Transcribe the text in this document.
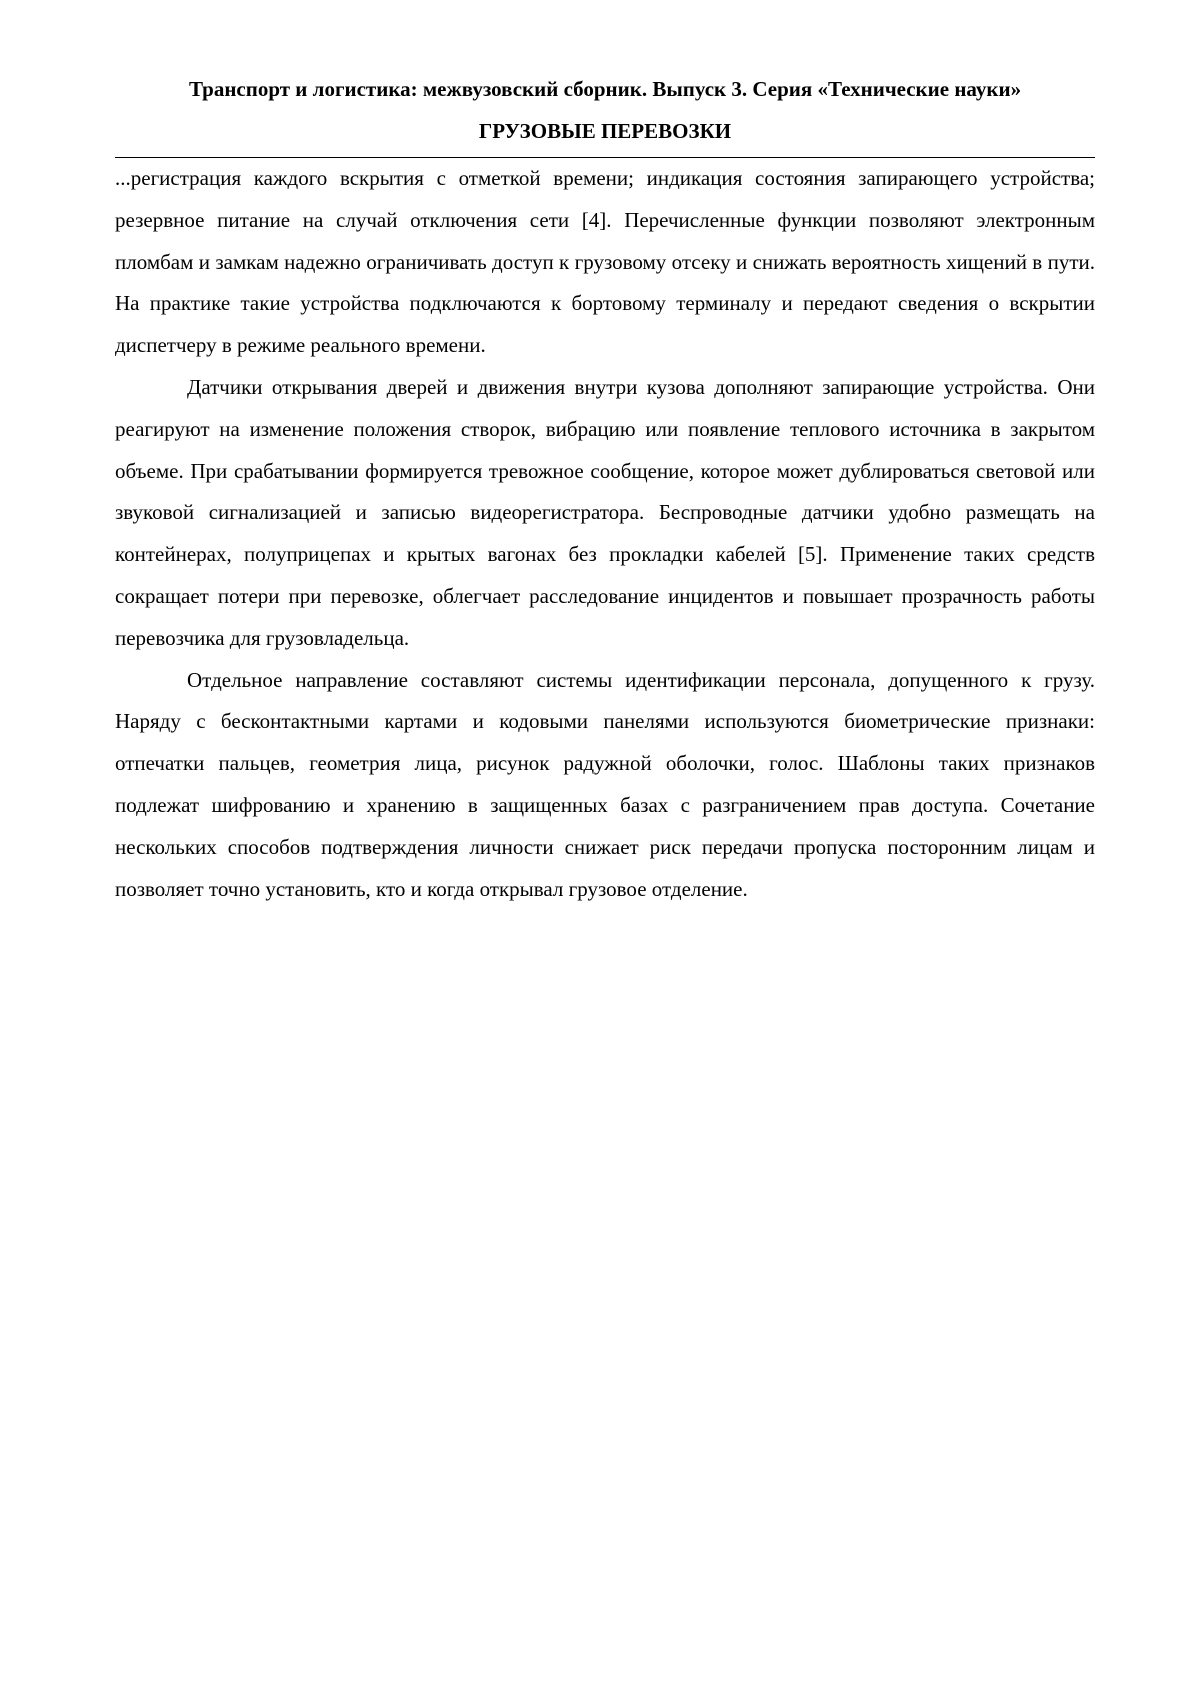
Транспорт и логистика: межвузовский сборник. Выпуск 3. Серия «Технические науки»
ГРУЗОВЫЕ ПЕРЕВОЗКИ

...регистрация каждого вскрытия с отметкой времени; индикация состояния запирающего устройства; резервное питание на случай отключения сети [4]. Перечисленные функции позволяют электронным пломбам и замкам надежно ограничивать доступ к грузовому отсеку и снижать вероятность хищений в пути. На практике такие устройства подключаются к бортовому терминалу и передают сведения о вскрытии диспетчеру в режиме реального времени.

Датчики открывания дверей и движения внутри кузова дополняют запирающие устройства. Они реагируют на изменение положения створок, вибрацию или появление теплового источника в закрытом объеме. При срабатывании формируется тревожное сообщение, которое может дублироваться световой или звуковой сигнализацией и записью видеорегистратора. Беспроводные датчики удобно размещать на контейнерах, полуприцепах и крытых вагонах без прокладки кабелей [5]. Применение таких средств сокращает потери при перевозке, облегчает расследование инцидентов и повышает прозрачность работы перевозчика для грузовладельца.

Отдельное направление составляют системы идентификации персонала, допущенного к грузу. Наряду с бесконтактными картами и кодовыми панелями используются биометрические признаки: отпечатки пальцев, геометрия лица, рисунок радужной оболочки, голос. Шаблоны таких признаков подлежат шифрованию и хранению в защищенных базах с разграничением прав доступа. Сочетание нескольких способов подтверждения личности снижает риск передачи пропуска посторонним лицам и позволяет точно установить, кто и когда открывал грузовое отделение.
